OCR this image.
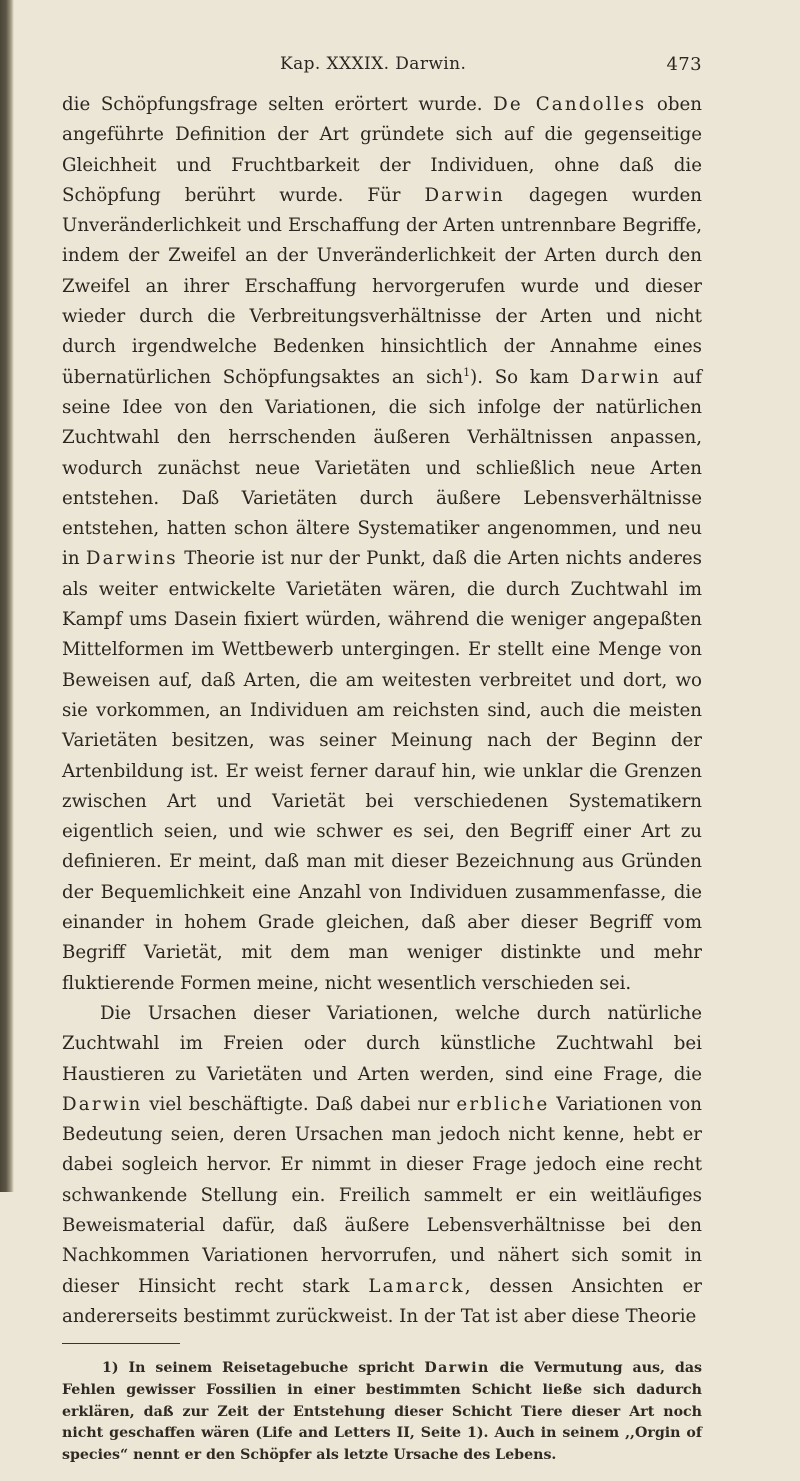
Kap. XXXIX. Darwin.	473

die Schöpfungsfrage selten erörtert wurde. De Candolles oben angeführte Definition der Art gründete sich auf die gegenseitige Gleichheit und Fruchtbarkeit der Individuen, ohne daß die Schöpfung berührt wurde. Für Darwin dagegen wurden Unveränderlichkeit und Erschaffung der Arten untrennbare Begriffe, indem der Zweifel an der Unveränderlichkeit der Arten durch den Zweifel an ihrer Erschaffung hervorgerufen wurde und dieser wieder durch die Verbreitungsverhältnisse der Arten und nicht durch irgendwelche Bedenken hinsichtlich der Annahme eines übernatürlichen Schöpfungsaktes an sich$^1$). So kam Darwin auf seine Idee von den Variationen, die sich infolge der natürlichen Zuchtwahl den herrschenden äußeren Verhältnissen anpassen, wodurch zunächst neue Varietäten und schließlich neue Arten entstehen. Daß Varietäten durch äußere Lebensverhältnisse entstehen, hatten schon ältere Systematiker angenommen, und neu in Darwins Theorie ist nur der Punkt, daß die Arten nichts anderes als weiter entwickelte Varietäten wären, die durch Zuchtwahl im Kampf ums Dasein fixiert würden, während die weniger angepaßten Mittelformen im Wettbewerb untergingen. Er stellt eine Menge von Beweisen auf, daß Arten, die am weitesten verbreitet und dort, wo sie vorkommen, an Individuen am reichsten sind, auch die meisten Varietäten besitzen, was seiner Meinung nach der Beginn der Artenbildung ist. Er weist ferner darauf hin, wie unklar die Grenzen zwischen Art und Varietät bei verschiedenen Systematikern eigentlich seien, und wie schwer es sei, den Begriff einer Art zu definieren. Er meint, daß man mit dieser Bezeichnung aus Gründen der Bequemlichkeit eine Anzahl von Individuen zusammenfasse, die einander in hohem Grade gleichen, daß aber dieser Begriff vom Begriff Varietät, mit dem man weniger distinkte und mehr fluktierende Formen meine, nicht wesentlich verschieden sei.

Die Ursachen dieser Variationen, welche durch natürliche Zuchtwahl im Freien oder durch künstliche Zuchtwahl bei Haustieren zu Varietäten und Arten werden, sind eine Frage, die Darwin viel beschäftigte. Daß dabei nur erbliche Variationen von Bedeutung seien, deren Ursachen man jedoch nicht kenne, hebt er dabei sogleich hervor. Er nimmt in dieser Frage jedoch eine recht schwankende Stellung ein. Freilich sammelt er ein weitläufiges Beweismaterial dafür, daß äußere Lebensverhältnisse bei den Nachkommen Variationen hervorrufen, und nähert sich somit in dieser Hinsicht recht stark Lamarck, dessen Ansichten er andererseits bestimmt zurückweist. In der Tat ist aber diese Theorie

1) In seinem Reisetagebuche spricht Darwin die Vermutung aus, das Fehlen gewisser Fossilien in einer bestimmten Schicht ließe sich dadurch erklären, daß zur Zeit der Entstehung dieser Schicht Tiere dieser Art noch nicht geschaffen wären (Life and Letters II, Seite 1). Auch in seinem ,,Orgin of species“ nennt er den Schöpfer als letzte Ursache des Lebens.
